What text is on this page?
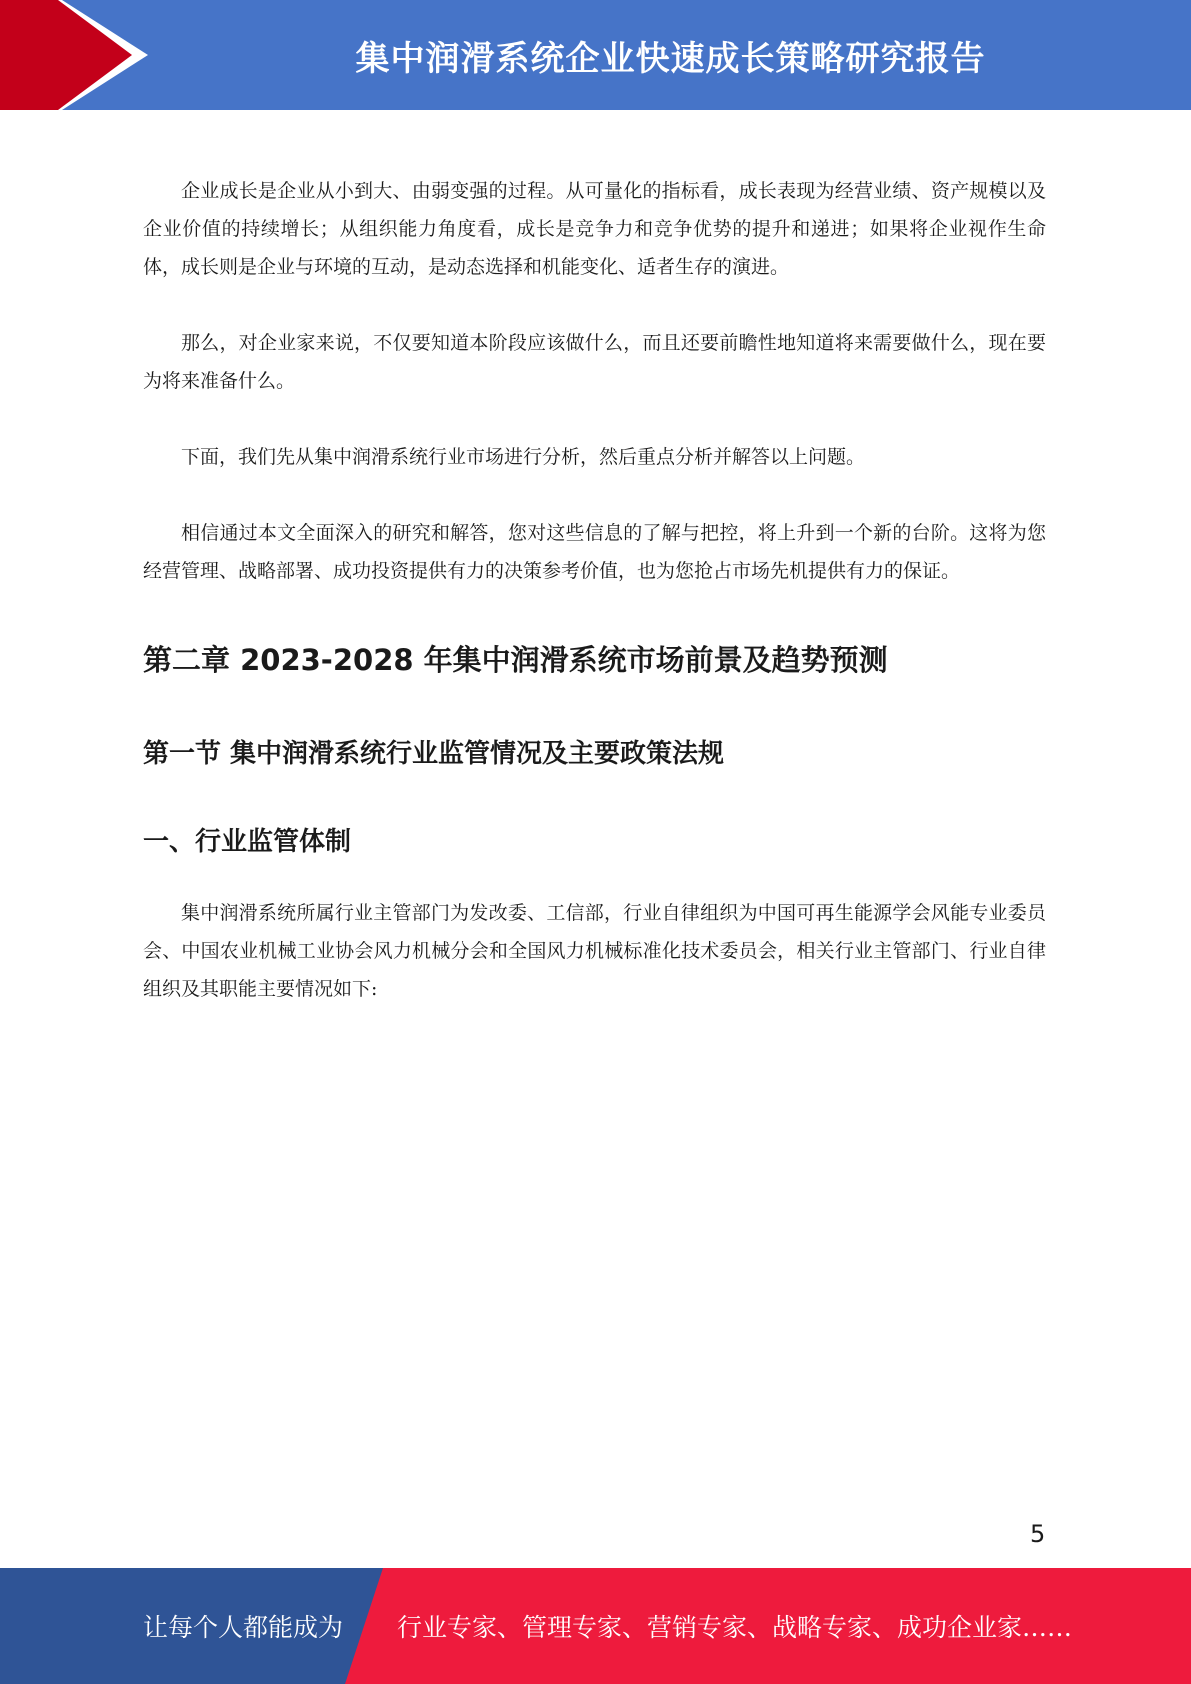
集中润滑系统企业快速成长策略研究报告

企业成长是企业从小到大、由弱变强的过程。从可量化的指标看，成长表现为经营业绩、资产规模以及企业价值的持续增长；从组织能力角度看，成长是竞争力和竞争优势的提升和递进；如果将企业视作生命体，成长则是企业与环境的互动，是动态选择和机能变化、适者生存的演进。

那么，对企业家来说，不仅要知道本阶段应该做什么，而且还要前瞻性地知道将来需要做什么，现在要为将来准备什么。

下面，我们先从集中润滑系统行业市场进行分析，然后重点分析并解答以上问题。

相信通过本文全面深入的研究和解答，您对这些信息的了解与把控，将上升到一个新的台阶。这将为您经营管理、战略部署、成功投资提供有力的决策参考价值，也为您抢占市场先机提供有力的保证。

第二章 2023-2028 年集中润滑系统市场前景及趋势预测
第一节 集中润滑系统行业监管情况及主要政策法规
一、行业监管体制

集中润滑系统所属行业主管部门为发改委、工信部，行业自律组织为中国可再生能源学会风能专业委员会、中国农业机械工业协会风力机械分会和全国风力机械标准化技术委员会，相关行业主管部门、行业自律组织及其职能主要情况如下:

5
让每个人都能成为 行业专家、管理专家、营销专家、战略专家、成功企业家……
